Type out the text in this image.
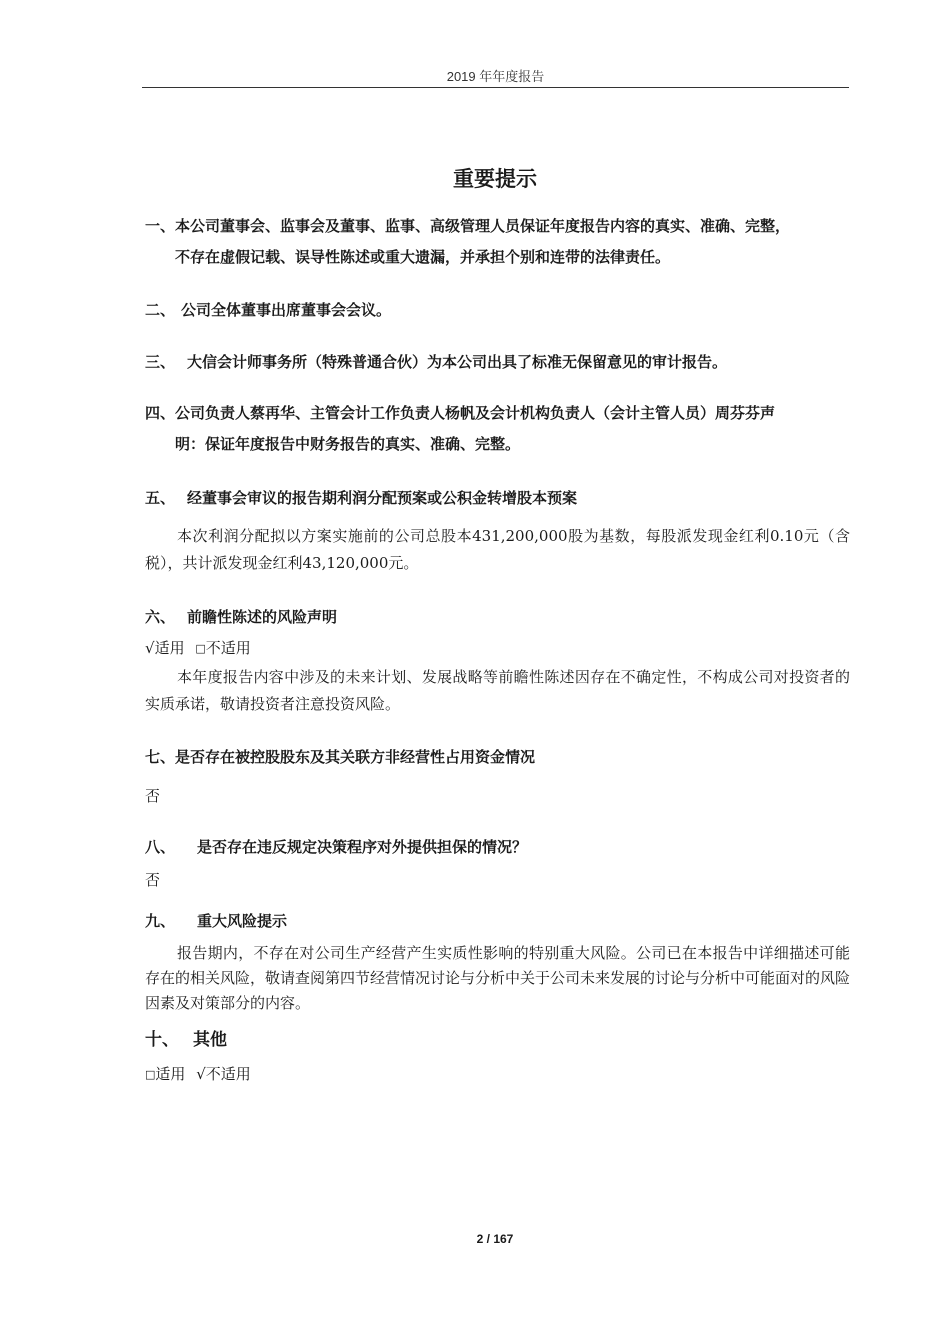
2019 年年度报告
重要提示
一、本公司董事会、监事会及董事、监事、高级管理人员保证年度报告内容的真实、准确、完整，
不存在虚假记载、误导性陈述或重大遗漏，并承担个别和连带的法律责任。
二、 公司全体董事出席董事会会议。
三、 大信会计师事务所（特殊普通合伙）为本公司出具了标准无保留意见的审计报告。
四、公司负责人蔡再华、主管会计工作负责人杨帆及会计机构负责人（会计主管人员）周芬芬声
明：保证年度报告中财务报告的真实、准确、完整。
五、 经董事会审议的报告期利润分配预案或公积金转增股本预案
本次利润分配拟以方案实施前的公司总股本431,200,000股为基数，每股派发现金红利0.10元（含税），共计派发现金红利43,120,000元。
六、 前瞻性陈述的风险声明
√适用 □不适用
本年度报告内容中涉及的未来计划、发展战略等前瞻性陈述因存在不确定性，不构成公司对投资者的实质承诺，敬请投资者注意投资风险。
七、是否存在被控股股东及其关联方非经营性占用资金情况
否
八、 是否存在违反规定决策程序对外提供担保的情况？
否
九、 重大风险提示
报告期内，不存在对公司生产经营产生实质性影响的特别重大风险。公司已在本报告中详细描述可能存在的相关风险，敬请查阅第四节经营情况讨论与分析中关于公司未来发展的讨论与分析中可能面对的风险因素及对策部分的内容。
十、 其他
□适用 √不适用
2 / 167
